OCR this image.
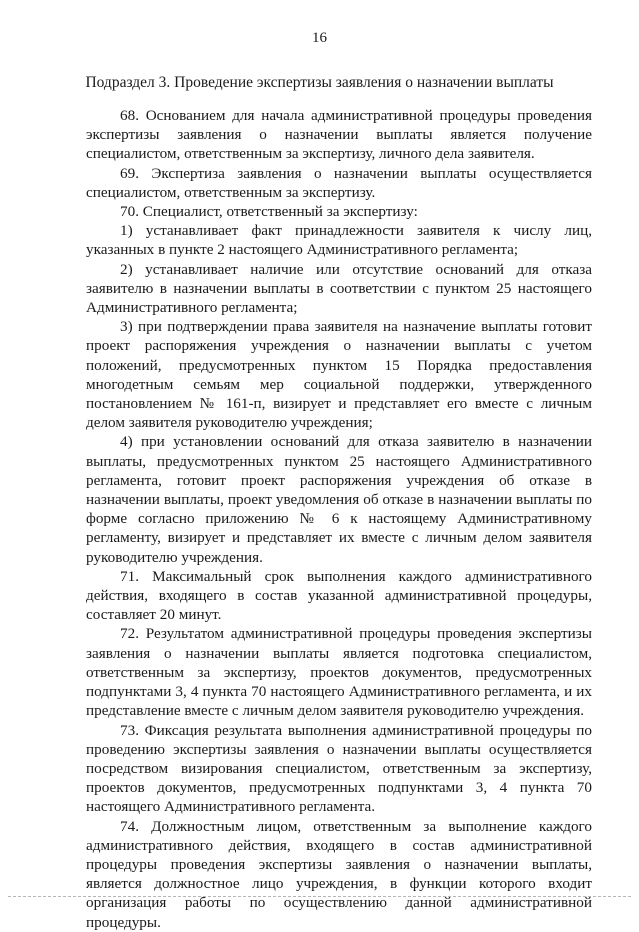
16
Подраздел 3. Проведение экспертизы заявления о назначении выплаты

68. Основанием для начала административной процедуры проведения экспертизы заявления о назначении выплаты является получение специалистом, ответственным за экспертизу, личного дела заявителя.

69. Экспертиза заявления о назначении выплаты осуществляется специалистом, ответственным за экспертизу.

70. Специалист, ответственный за экспертизу:

1) устанавливает факт принадлежности заявителя к числу лиц, указанных в пункте 2 настоящего Административного регламента;

2) устанавливает наличие или отсутствие оснований для отказа заявителю в назначении выплаты в соответствии с пунктом 25 настоящего Административного регламента;

3) при подтверждении права заявителя на назначение выплаты готовит проект распоряжения учреждения о назначении выплаты с учетом положений, предусмотренных пунктом 15 Порядка предоставления многодетным семьям мер социальной поддержки, утвержденного постановлением № 161-п, визирует и представляет его вместе с личным делом заявителя руководителю учреждения;

4) при установлении оснований для отказа заявителю в назначении выплаты, предусмотренных пунктом 25 настоящего Административного регламента, готовит проект распоряжения учреждения об отказе в назначении выплаты, проект уведомления об отказе в назначении выплаты по форме согласно приложению № 6 к настоящему Административному регламенту, визирует и представляет их вместе с личным делом заявителя руководителю учреждения.

71. Максимальный срок выполнения каждого административного действия, входящего в состав указанной административной процедуры, составляет 20 минут.

72. Результатом административной процедуры проведения экспертизы заявления о назначении выплаты является подготовка специалистом, ответственным за экспертизу, проектов документов, предусмотренных подпунктами 3, 4 пункта 70 настоящего Административного регламента, и их представление вместе с личным делом заявителя руководителю учреждения.

73. Фиксация результата выполнения административной процедуры по проведению экспертизы заявления о назначении выплаты осуществляется посредством визирования специалистом, ответственным за экспертизу, проектов документов, предусмотренных подпунктами 3, 4 пункта 70 настоящего Административного регламента.

74. Должностным лицом, ответственным за выполнение каждого административного действия, входящего в состав административной процедуры проведения экспертизы заявления о назначении выплаты, является должностное лицо учреждения, в функции которого входит организация работы по осуществлению данной административной процедуры.
